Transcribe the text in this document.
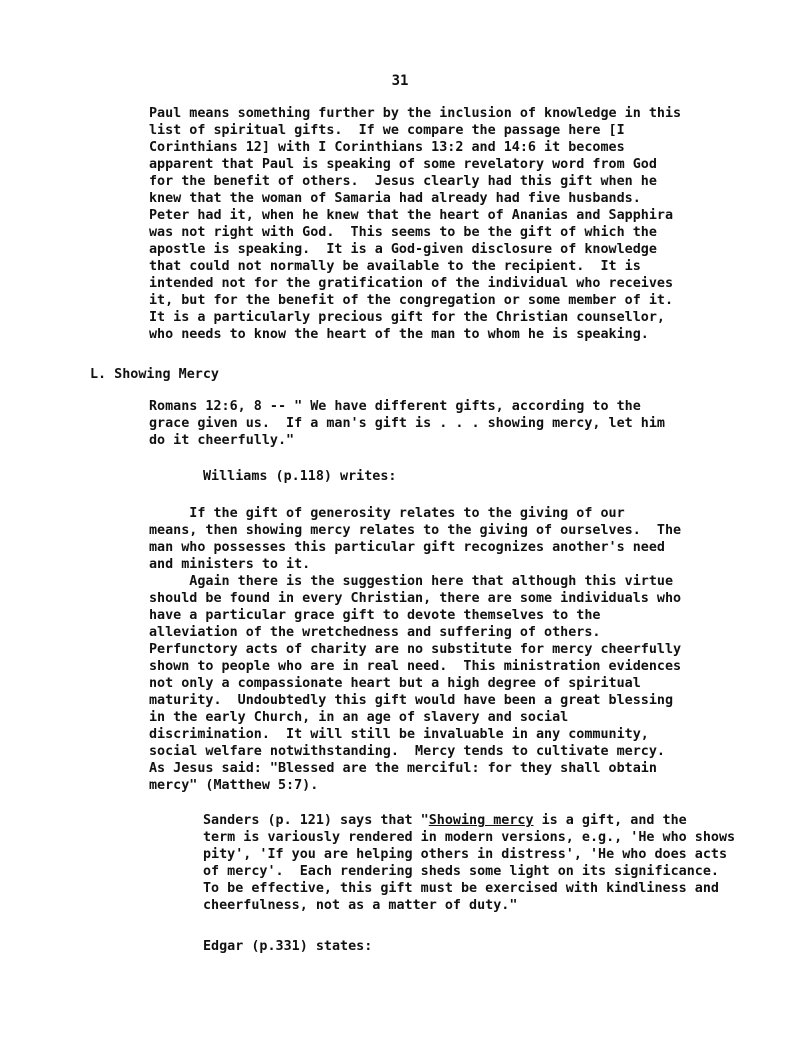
31
Paul means something further by the inclusion of knowledge in this
list of spiritual gifts.  If we compare the passage here [I
Corinthians 12] with I Corinthians 13:2 and 14:6 it becomes
apparent that Paul is speaking of some revelatory word from God
for the benefit of others.  Jesus clearly had this gift when he
knew that the woman of Samaria had already had five husbands.
Peter had it, when he knew that the heart of Ananias and Sapphira
was not right with God.  This seems to be the gift of which the
apostle is speaking.  It is a God-given disclosure of knowledge
that could not normally be available to the recipient.  It is
intended not for the gratification of the individual who receives
it, but for the benefit of the congregation or some member of it.
It is a particularly precious gift for the Christian counsellor,
who needs to know the heart of the man to whom he is speaking.
L. Showing Mercy
Romans 12:6, 8 -- " We have different gifts, according to the
grace given us.  If a man's gift is . . . showing mercy, let him
do it cheerfully."
Williams (p.118) writes:
If the gift of generosity relates to the giving of our
means, then showing mercy relates to the giving of ourselves.  The
man who possesses this particular gift recognizes another's need
and ministers to it.
Again there is the suggestion here that although this virtue
should be found in every Christian, there are some individuals who
have a particular grace gift to devote themselves to the
alleviation of the wretchedness and suffering of others.
Perfunctory acts of charity are no substitute for mercy cheerfully
shown to people who are in real need.  This ministration evidences
not only a compassionate heart but a high degree of spiritual
maturity.  Undoubtedly this gift would have been a great blessing
in the early Church, in an age of slavery and social
discrimination.  It will still be invaluable in any community,
social welfare notwithstanding.  Mercy tends to cultivate mercy.
As Jesus said: "Blessed are the merciful: for they shall obtain
mercy" (Matthew 5:7).
Sanders (p. 121) says that "Showing mercy is a gift, and the
term is variously rendered in modern versions, e.g., 'He who shows
pity', 'If you are helping others in distress', 'He who does acts
of mercy'.  Each rendering sheds some light on its significance.
To be effective, this gift must be exercised with kindliness and
cheerfulness, not as a matter of duty."
Edgar (p.331) states:
